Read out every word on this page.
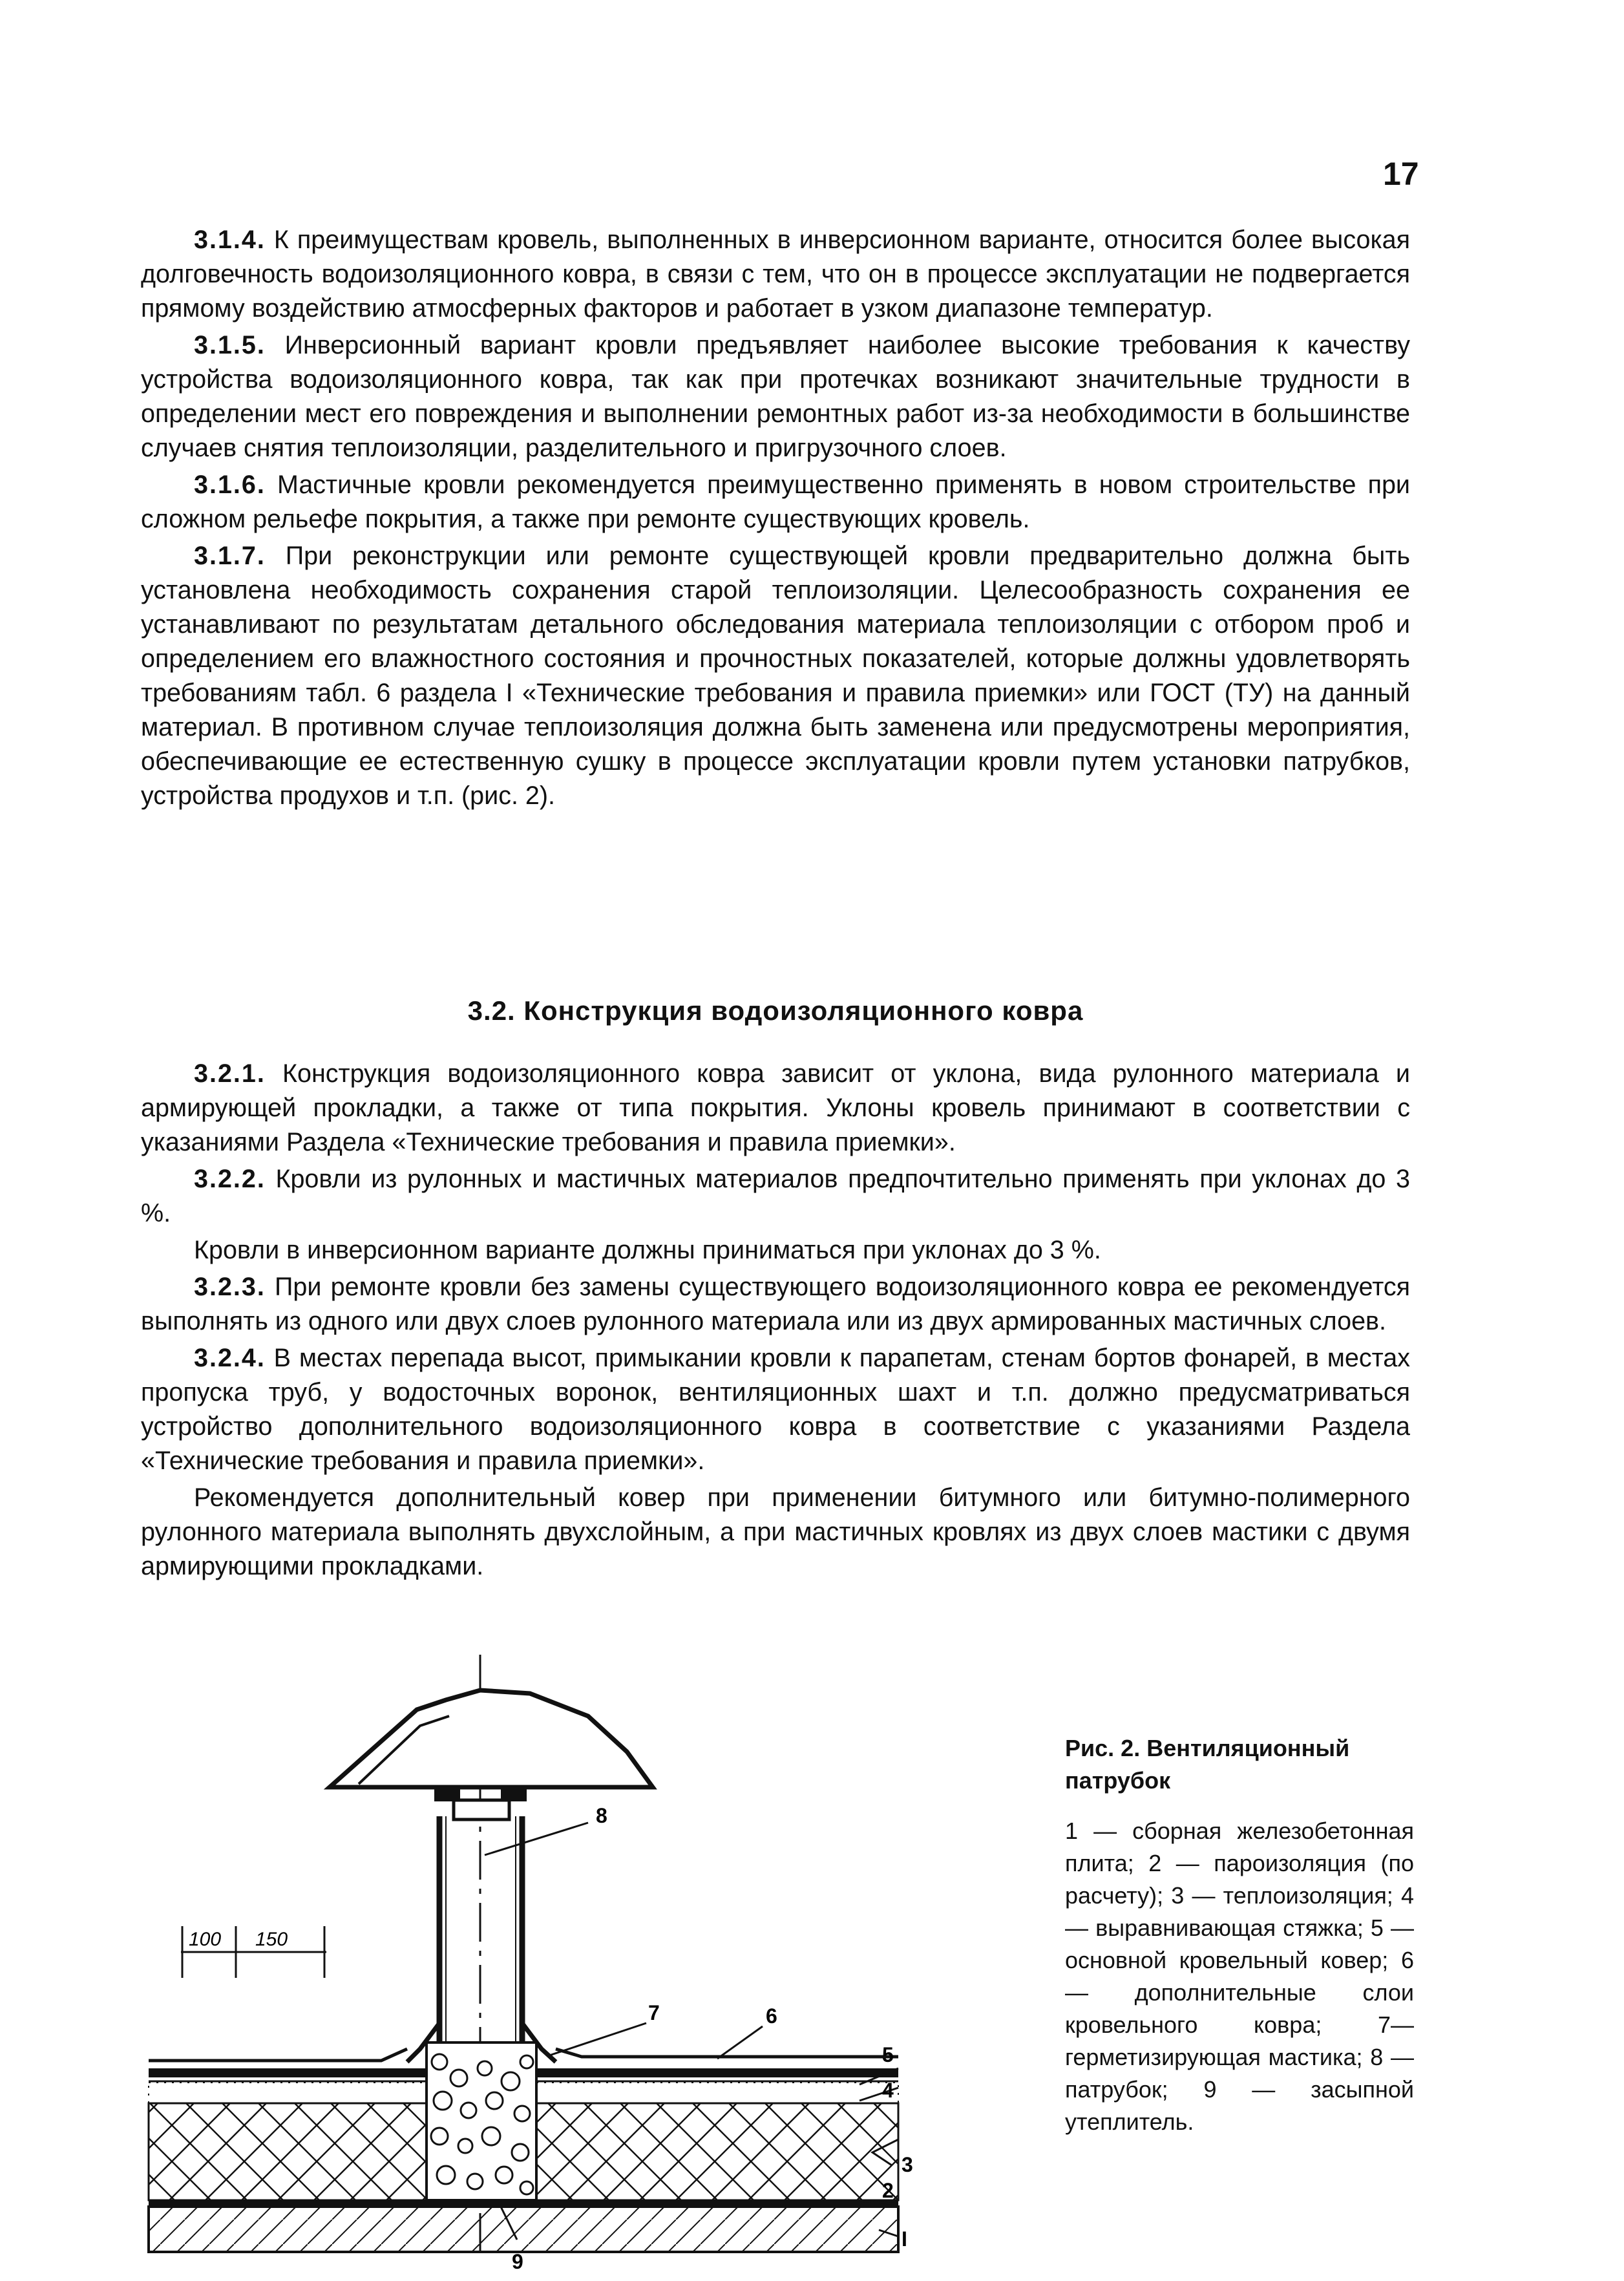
17

3.1.4. К преимуществам кровель, выполненных в инверсионном варианте, относится более высокая долговечность водоизоляционного ковра, в связи с тем, что он в процессе эксплуатации не подвергается прямому воздействию атмосферных факторов и работает в узком диапазоне температур.

3.1.5. Инверсионный вариант кровли предъявляет наиболее высокие требования к качеству устройства водоизоляционного ковра, так как при протечках возникают значительные трудности в определении мест его повреждения и выполнении ремонтных работ из-за необходимости в большинстве случаев снятия теплоизоляции, разделительного и пригрузочного слоев.

3.1.6. Мастичные кровли рекомендуется преимущественно применять в новом строительстве при сложном рельефе покрытия, а также при ремонте существующих кровель.

3.1.7. При реконструкции или ремонте существующей кровли предварительно должна быть установлена необходимость сохранения старой теплоизоляции. Целесообразность сохранения ее устанавливают по результатам детального обследования материала теплоизоляции с отбором проб и определением его влажностного состояния и прочностных показателей, которые должны удовлетворять требованиям табл. 6 раздела I «Технические требования и правила приемки» или ГОСТ (ТУ) на данный материал. В противном случае теплоизоляция должна быть заменена или предусмотрены мероприятия, обеспечивающие ее естественную сушку в процессе эксплуатации кровли путем установки патрубков, устройства продухов и т.п. (рис. 2).

3.2. Конструкция водоизоляционного ковра

3.2.1. Конструкция водоизоляционного ковра зависит от уклона, вида рулонного материала и армирующей прокладки, а также от типа покрытия. Уклоны кровель принимают в соответствии с указаниями Раздела «Технические требования и правила приемки».

3.2.2. Кровли из рулонных и мастичных материалов предпочтительно применять при уклонах до 3 %.

Кровли в инверсионном варианте должны приниматься при уклонах до 3 %.

3.2.3. При ремонте кровли без замены существующего водоизоляционного ковра ее рекомендуется выполнять из одного или двух слоев рулонного материала или из двух армированных мастичных слоев.

3.2.4. В местах перепада высот, примыкании кровли к парапетам, стенам бортов фонарей, в местах пропуска труб, у водосточных воронок, вентиляционных шахт и т.п. должно предусматриваться устройство дополнительного водоизоляционного ковра в соответствие с указаниями Раздела «Технические требования и правила приемки».

Рекомендуется дополнительный ковер при применении битумного или битумно-полимерного рулонного материала выполнять двухслойным, а при мастичных кровлях из двух слоев мастики с двумя армирующими прокладками.

100 150
8
7	6
5
4
3
2
I
9

Рис. 2. Вентиляционный патрубок

1 — сборная железобетонная плита; 2 — пароизоляция (по расчету); 3 — теплоизоляция; 4 — выравнивающая стяжка; 5 — основной кровельный ковер; 6 — дополнительные слои кровельного ковра; 7— герметизирующая мастика; 8 — патрубок; 9 — засыпной утеплитель.
